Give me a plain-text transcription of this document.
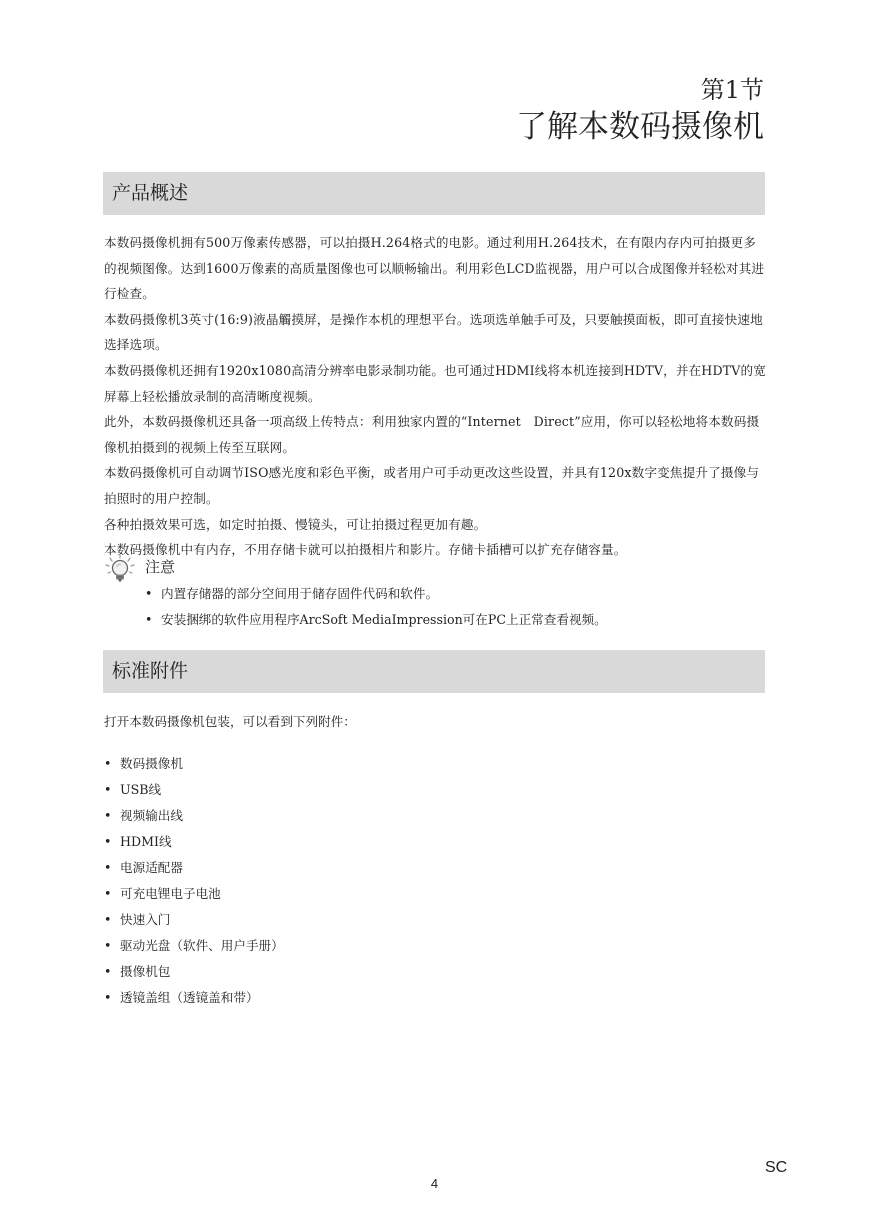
第1节
了解本数码摄像机
产品概述

本数码摄像机拥有500万像素传感器，可以拍摄H.264格式的电影。通过利用H.264技术，在有限内存内可拍摄更多的视频图像。达到1600万像素的高质量图像也可以顺畅输出。利用彩色LCD监视器，用户可以合成图像并轻松对其进行检查。

本数码摄像机3英寸(16:9)液晶觸摸屏，是操作本机的理想平台。选项选单触手可及，只要触摸面板，即可直接快速地选择选项。

本数码摄像机还拥有1920x1080高清分辨率电影录制功能。也可通过HDMI线将本机连接到HDTV，并在HDTV的宽屏幕上轻松播放录制的高清晰度视频。

此外，本数码摄像机还具备一项高级上传特点：利用独家内置的“Internet　Direct”应用，你可以轻松地将本数码摄像机拍摄到的视频上传至互联网。

本数码摄像机可自动调节ISO感光度和彩色平衡，或者用户可手动更改这些设置，并具有120x数字变焦提升了摄像与拍照时的用户控制。

各种拍摄效果可选，如定时拍摄、慢镜头，可让拍摄过程更加有趣。

本数码摄像机中有内存，不用存储卡就可以拍摄相片和影片。存储卡插槽可以扩充存储容量。

注意
• 内置存储器的部分空间用于储存固件代码和软件。
• 安装捆绑的软件应用程序ArcSoft MediaImpression可在PC上正常查看视频。
标准附件
打开本数码摄像机包装，可以看到下列附件：
• 数码摄像机
• USB线
• 视频输出线
• HDMI线
• 电源适配器
• 可充电锂电子电池
• 快速入门
• 驱动光盘（软件、用户手册）
• 摄像机包
• 透镜盖组（透镜盖和带）
SC
4
